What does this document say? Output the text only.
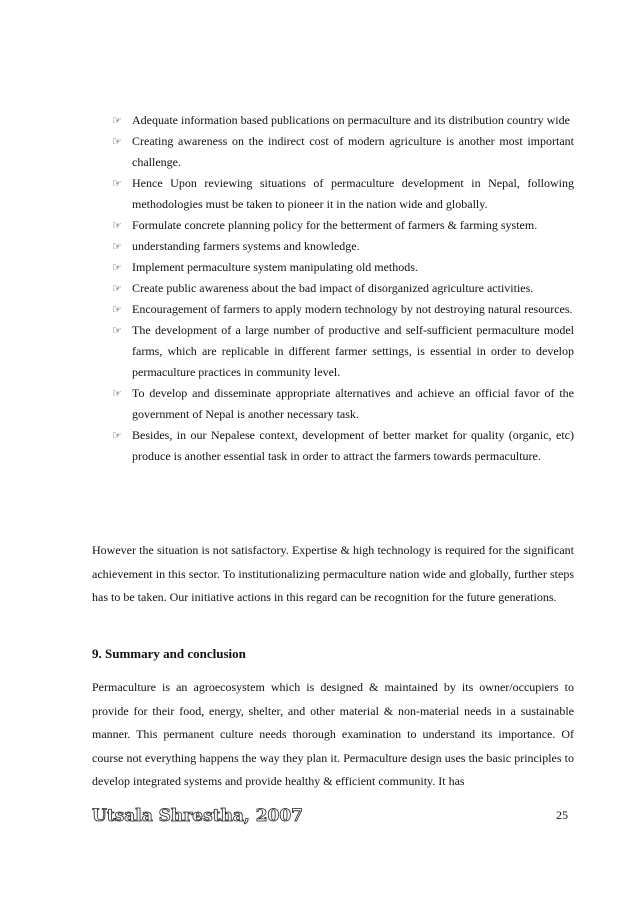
☞ Adequate information based publications on permaculture and its distribution country wide
☞ Creating awareness on the indirect cost of modern agriculture is another most important challenge.
☞ Hence Upon reviewing situations of permaculture development in Nepal, following methodologies must be taken to pioneer it in the nation wide and globally.
☞ Formulate concrete planning policy for the betterment of farmers & farming system.
☞ understanding farmers systems and knowledge.
☞ Implement permaculture system manipulating old methods.
☞ Create public awareness about the bad impact of disorganized agriculture activities.
☞ Encouragement of farmers to apply modern technology by not destroying natural resources.
☞ The development of a large number of productive and self-sufficient permaculture model farms, which are replicable in different farmer settings, is essential in order to develop permaculture practices in community level.
☞ To develop and disseminate appropriate alternatives and achieve an official favor of the government of Nepal is another necessary task.
☞ Besides, in our Nepalese context, development of better market for quality (organic, etc) produce is another essential task in order to attract the farmers towards permaculture.

However the situation is not satisfactory. Expertise & high technology is required for the significant achievement in this sector. To institutionalizing permaculture nation wide and globally, further steps has to be taken. Our initiative actions in this regard can be recognition for the future generations.

9. Summary and conclusion

Permaculture is an agroecosystem which is designed & maintained by its owner/occupiers to provide for their food, energy, shelter, and other material & non-material needs in a sustainable manner. This permanent culture needs thorough examination to understand its importance. Of course not everything happens the way they plan it. Permaculture design uses the basic principles to develop integrated systems and provide healthy & efficient community. It has

Utsala Shrestha, 2007	25
